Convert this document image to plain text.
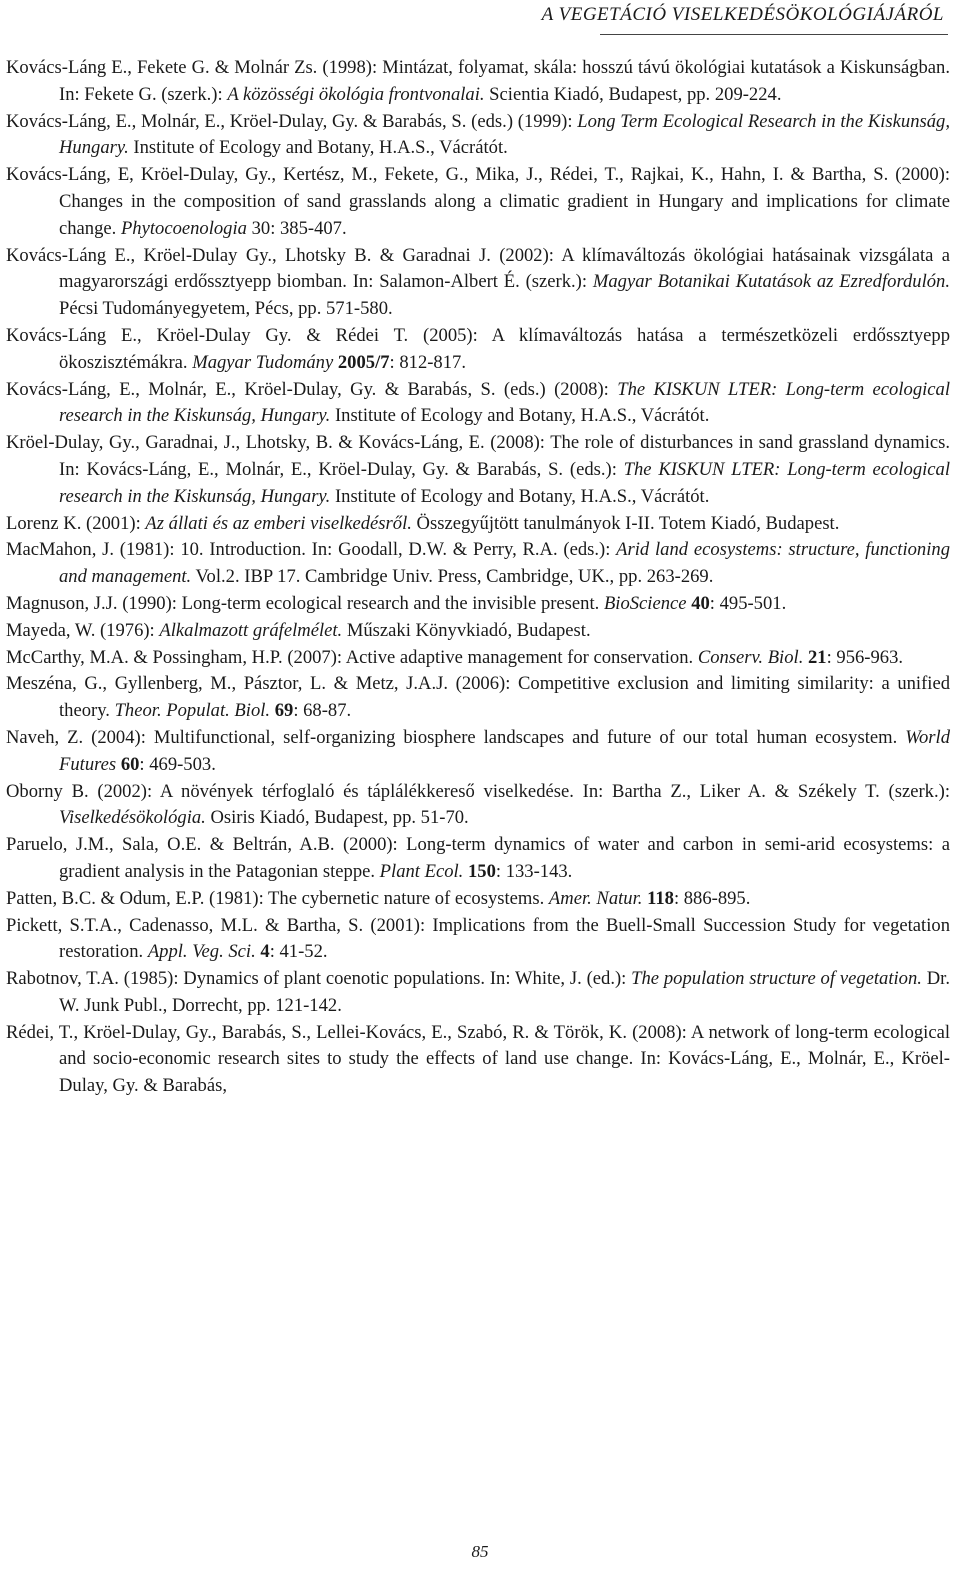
A VEGETÁCIÓ VISELKEDÉSÖKOLÓGIÁJÁRÓL
Kovács-Láng E., Fekete G. & Molnár Zs. (1998): Mintázat, folyamat, skála: hosszú távú ökológiai kutatások a Kiskunságban. In: Fekete G. (szerk.): A közösségi ökológia frontvonalai. Scientia Kiadó, Budapest, pp. 209-224.
Kovács-Láng, E., Molnár, E., Kröel-Dulay, Gy. & Barabás, S. (eds.) (1999): Long Term Ecological Research in the Kiskunság, Hungary. Institute of Ecology and Botany, H.A.S., Vácrátót.
Kovács-Láng, E, Kröel-Dulay, Gy., Kertész, M., Fekete, G., Mika, J., Rédei, T., Rajkai, K., Hahn, I. & Bartha, S. (2000): Changes in the composition of sand grasslands along a climatic gradient in Hungary and implications for climate change. Phytocoenologia 30: 385-407.
Kovács-Láng E., Kröel-Dulay Gy., Lhotsky B. & Garadnai J. (2002): A klímaváltozás ökológiai hatásainak vizsgálata a magyarországi erdőssztyepp biomban. In: Salamon-Albert É. (szerk.): Magyar Botanikai Kutatások az Ezredfordulón. Pécsi Tudományegyetem, Pécs, pp. 571-580.
Kovács-Láng E., Kröel-Dulay Gy. & Rédei T. (2005): A klímaváltozás hatása a természetközeli erdőssztyepp ökoszisztémákra. Magyar Tudomány 2005/7: 812-817.
Kovács-Láng, E., Molnár, E., Kröel-Dulay, Gy. & Barabás, S. (eds.) (2008): The KISKUN LTER: Long-term ecological research in the Kiskunság, Hungary. Institute of Ecology and Botany, H.A.S., Vácrátót.
Kröel-Dulay, Gy., Garadnai, J., Lhotsky, B. & Kovács-Láng, E. (2008): The role of disturbances in sand grassland dynamics. In: Kovács-Láng, E., Molnár, E., Kröel-Dulay, Gy. & Barabás, S. (eds.): The KISKUN LTER: Long-term ecological research in the Kiskunság, Hungary. Institute of Ecology and Botany, H.A.S., Vácrátót.
Lorenz K. (2001): Az állati és az emberi viselkedésről. Összegyűjtött tanulmányok I-II. Totem Kiadó, Budapest.
MacMahon, J. (1981): 10. Introduction. In: Goodall, D.W. & Perry, R.A. (eds.): Arid land ecosystems: structure, functioning and management. Vol.2. IBP 17. Cambridge Univ. Press, Cambridge, UK., pp. 263-269.
Magnuson, J.J. (1990): Long-term ecological research and the invisible present. BioScience 40: 495-501.
Mayeda, W. (1976): Alkalmazott gráfelmélet. Műszaki Könyvkiadó, Budapest.
McCarthy, M.A. & Possingham, H.P. (2007): Active adaptive management for conservation. Conserv. Biol. 21: 956-963.
Meszéna, G., Gyllenberg, M., Pásztor, L. & Metz, J.A.J. (2006): Competitive exclusion and limiting similarity: a unified theory. Theor. Populat. Biol. 69: 68-87.
Naveh, Z. (2004): Multifunctional, self-organizing biosphere landscapes and future of our total human ecosystem. World Futures 60: 469-503.
Oborny B. (2002): A növények térfoglaló és táplálékkereső viselkedése. In: Bartha Z., Liker A. & Székely T. (szerk.): Viselkedésökológia. Osiris Kiadó, Budapest, pp. 51-70.
Paruelo, J.M., Sala, O.E. & Beltrán, A.B. (2000): Long-term dynamics of water and carbon in semi-arid ecosystems: a gradient analysis in the Patagonian steppe. Plant Ecol. 150: 133-143.
Patten, B.C. & Odum, E.P. (1981): The cybernetic nature of ecosystems. Amer. Natur. 118: 886-895.
Pickett, S.T.A., Cadenasso, M.L. & Bartha, S. (2001): Implications from the Buell-Small Succession Study for vegetation restoration. Appl. Veg. Sci. 4: 41-52.
Rabotnov, T.A. (1985): Dynamics of plant coenotic populations. In: White, J. (ed.): The population structure of vegetation. Dr. W. Junk Publ., Dorrecht, pp. 121-142.
Rédei, T., Kröel-Dulay, Gy., Barabás, S., Lellei-Kovács, E., Szabó, R. & Török, K. (2008): A network of long-term ecological and socio-economic research sites to study the effects of land use change. In: Kovács-Láng, E., Molnár, E., Kröel-Dulay, Gy. & Barabás,
85
